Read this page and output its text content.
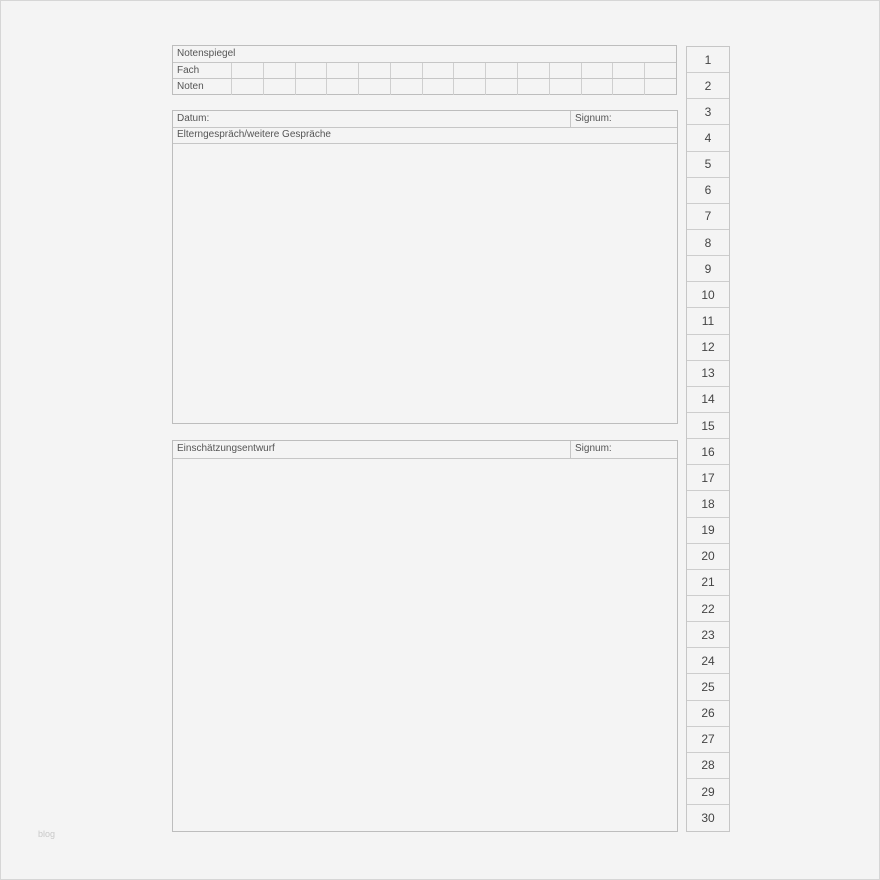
Notenspiegel
Fach
Noten
Datum:	Signum:
Elterngespräch/weitere Gespräche
Einschätzungsentwurf	Signum:
1
2
3
4
5
6
7
8
9
10
11
12
13
14
15
16
17
18
19
20
21
22
23
24
25
26
27
28
29
30
blog
